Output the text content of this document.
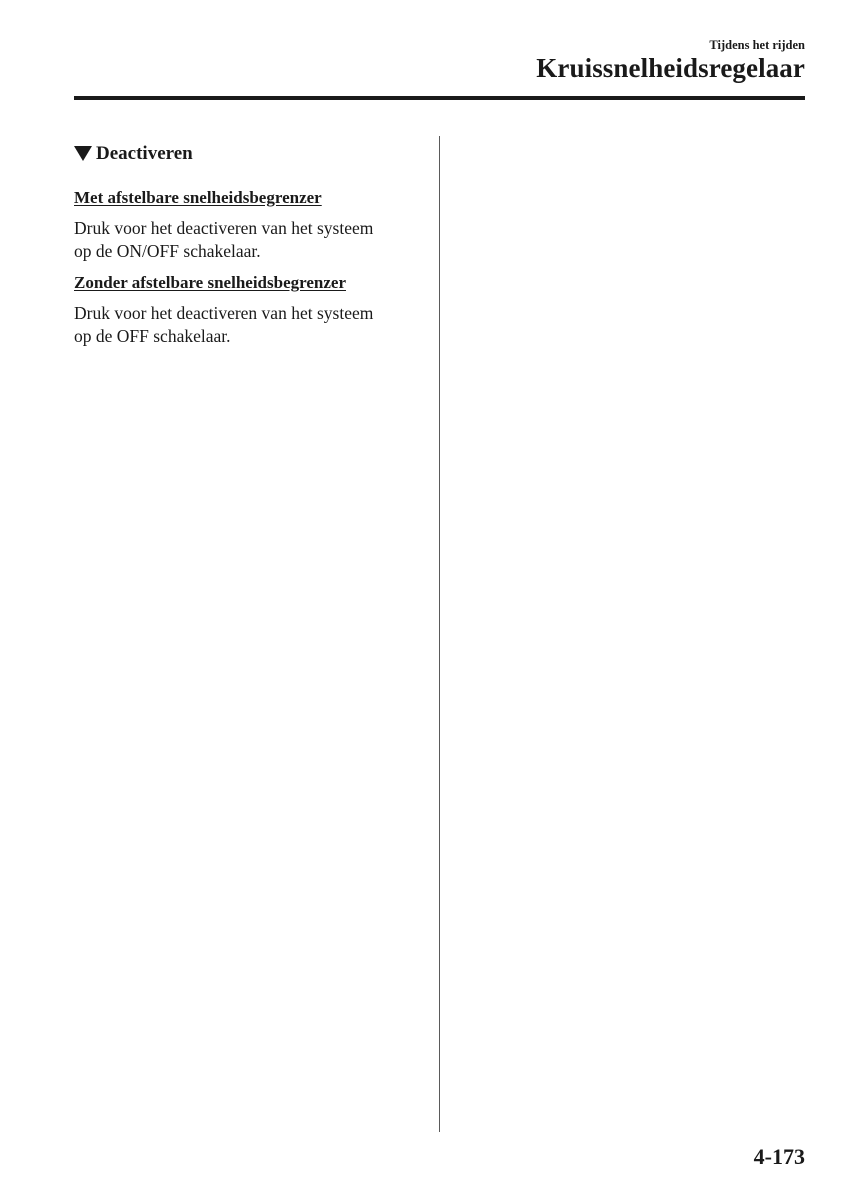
Tijdens het rijden
Kruissnelheidsregelaar
Deactiveren

Met afstelbare snelheidsbegrenzer

Druk voor het deactiveren van het systeem
op de ON/OFF schakelaar.

Zonder afstelbare snelheidsbegrenzer

Druk voor het deactiveren van het systeem
op de OFF schakelaar.

4-173
